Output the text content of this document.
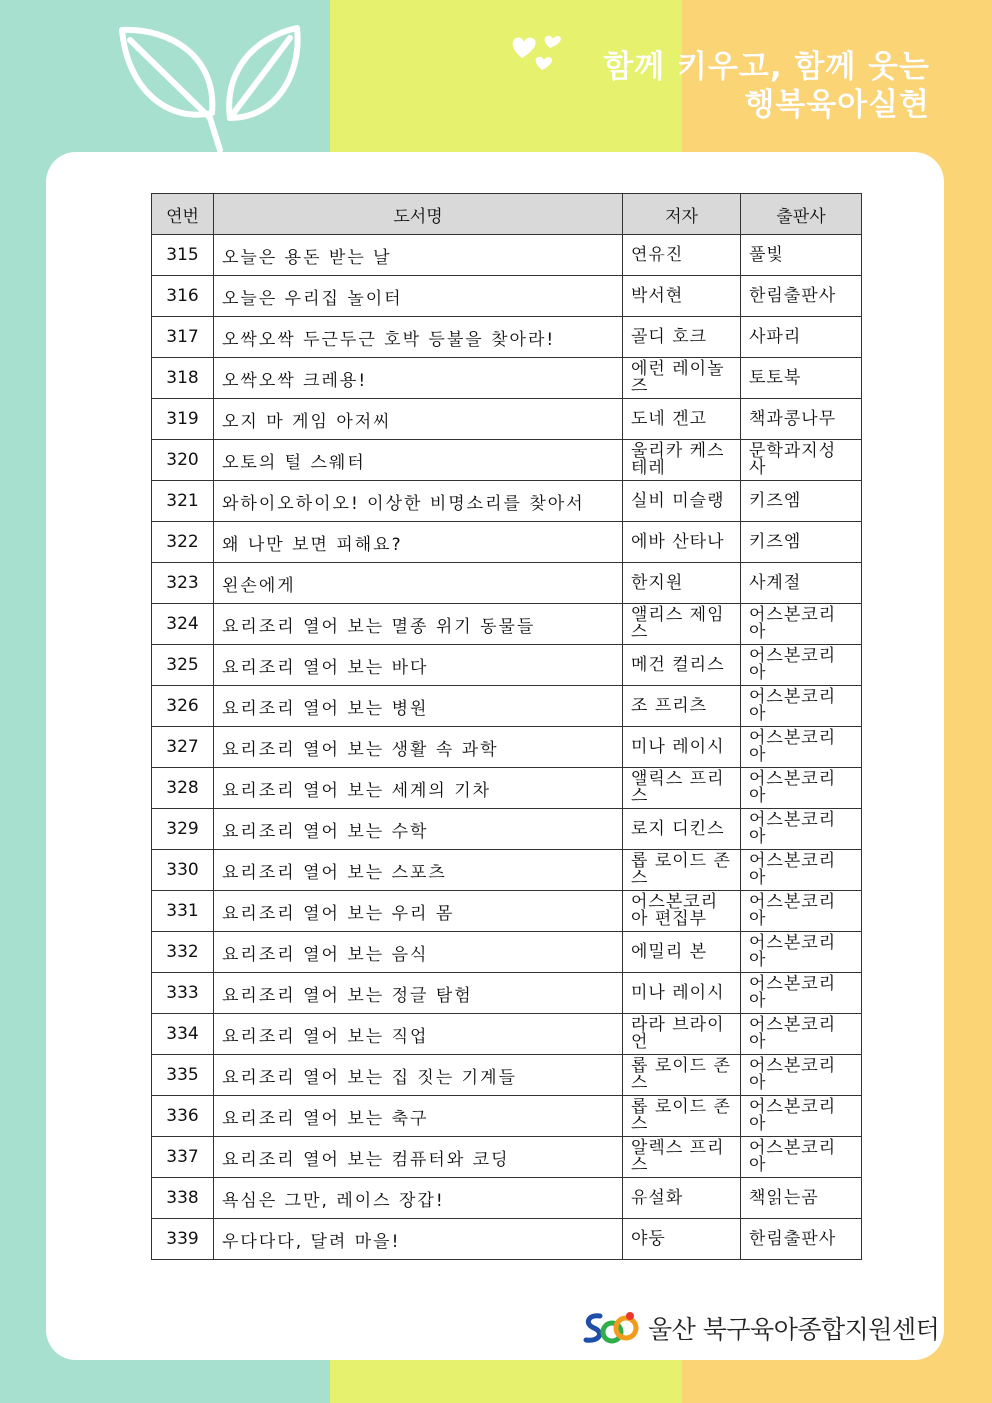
함께 키우고, 함께 웃는
행복육아실현
연번	도서명	저자	출판사
315	오늘은 용돈 받는 날	연유진	풀빛
316	오늘은 우리집 놀이터	박서현	한림출판사
317	오싹오싹 두근두근 호박 등불을 찾아라!	골디 호크	사파리
318	오싹오싹 크레용!	에런 레이놀즈	토토북
319	오지 마 게임 아저씨	도네 겐고	책과콩나무
320	오토의 털 스웨터	울리카 케스테레	문학과지성사
321	와하이오하이오! 이상한 비명소리를 찾아서	실비 미슬랭	키즈엠
322	왜 나만 보면 피해요?	에바 산타나	키즈엠
323	왼손에게	한지원	사계절
324	요리조리 열어 보는 멸종 위기 동물들	앨리스 제임스	어스본코리아
325	요리조리 열어 보는 바다	메건 컬리스	어스본코리아
326	요리조리 열어 보는 병원	조 프리츠	어스본코리아
327	요리조리 열어 보는 생활 속 과학	미나 레이시	어스본코리아
328	요리조리 열어 보는 세계의 기차	앨릭스 프리스	어스본코리아
329	요리조리 열어 보는 수학	로지 디킨스	어스본코리아
330	요리조리 열어 보는 스포츠	롭 로이드 존스	어스본코리아
331	요리조리 열어 보는 우리 몸	어스본코리아 편집부	어스본코리아
332	요리조리 열어 보는 음식	에밀리 본	어스본코리아
333	요리조리 열어 보는 정글 탐험	미나 레이시	어스본코리아
334	요리조리 열어 보는 직업	라라 브라이언	어스본코리아
335	요리조리 열어 보는 집 짓는 기계들	롭 로이드 존스	어스본코리아
336	요리조리 열어 보는 축구	롭 로이드 존스	어스본코리아
337	요리조리 열어 보는 컴퓨터와 코딩	알렉스 프리스	어스본코리아
338	욕심은 그만, 레이스 장갑!	유설화	책읽는곰
339	우다다다, 달려 마을!	야둥	한림출판사
울산 북구육아종합지원센터
